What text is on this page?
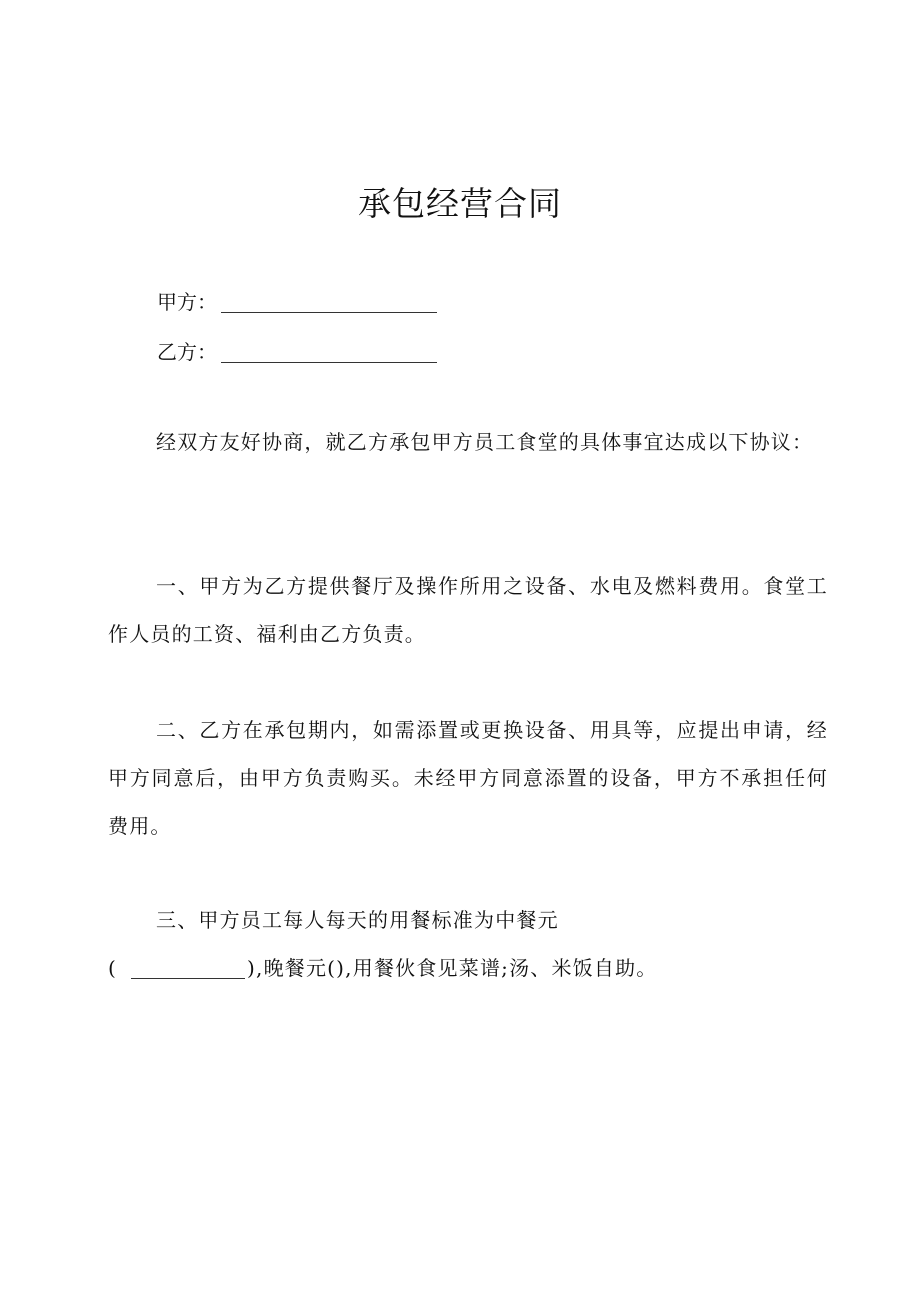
承包经营合同
甲方：
乙方：
经双方友好协商，就乙方承包甲方员工食堂的具体事宜达成以下协议：
一、甲方为乙方提供餐厅及操作所用之设备、水电及燃料费用。食堂工作人员的工资、福利由乙方负责。
二、乙方在承包期内，如需添置或更换设备、用具等，应提出申请，经甲方同意后，由甲方负责购买。未经甲方同意添置的设备，甲方不承担任何费用。
三、甲方员工每人每天的用餐标准为中餐元
(	),晚餐元(),用餐伙食见菜谱;汤、米饭自助。
